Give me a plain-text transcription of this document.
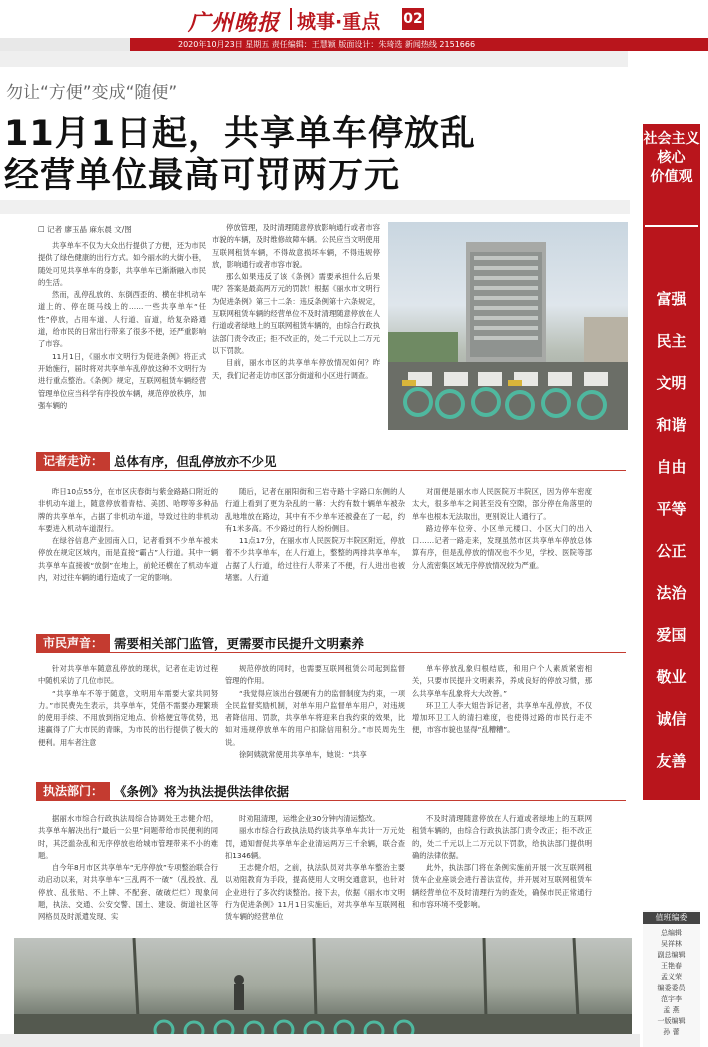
广州晚报 城事·重点 02
2020年10月23日 星期五 责任编辑：王慧颖 版面设计：朱琦选 新闻热线 2151666
勿让“方便”变成“随便”
11月1日起，共享单车停放乱
经营单位最高可罚两万元
☐ 记者 廖玉晶 麻东晨 文/图

共享单车不仅为大众出行提供了方便，还为市民提供了绿色健康的出行方式。如今丽水的大街小巷，随处可见共享单车的身影，共享单车已渐渐融入市民的生活。

然而，乱停乱放的、东倒西歪的、横在非机动车道上的、停在斑马线上的……一些共享单车“任性”停放，占用车道、人行道、盲道，给复杂路通道，给市民的日常出行带来了很多不便，还严重影响了市容。

11月1日，《丽水市文明行为促进条例》将正式开始施行，届时将对共享单车乱停放这种不文明行为进行重点整治。《条例》规定，互联网租赁车辆经营管理单位应当科学有序投放车辆，规范停放秩序，加强车辆的

停放管理，及时清理随意停放影响通行或者市容市貌的车辆，及时维修故障车辆。公民应当文明使用互联网租赁车辆，不得故意损坏车辆，不得违规停放，影响通行或者市容市貌。

那么如果违反了该《条例》需要承担什么后果呢？答案是最高两万元的罚款！根据《丽水市文明行为促进条例》第三十二条：违反条例第十六条规定，互联网租赁车辆的经营单位不及时清理随意停放在人行道或者绿地上的互联网租赁车辆的，由综合行政执法部门责令改正；拒不改正的，处二千元以上二万元以下罚款。

目前，丽水市区的共享单车停放情况如何？昨天，我们记者走访市区部分街道和小区进行调查。

记者走访： 总体有序，但乱停放亦不少见

昨日10点55分，在市区庆春街与紫金路路口附近的非机动车道上，随意停放着青桔、美团、哈啰等多种品牌的共享单车，占据了非机动车道，导致过往的非机动车要进入机动车道混行。

在绿谷信息产业园南入口，记者看到不少单车被未停放在规定区域内，而是直接“霸占”人行道。其中一辆共享单车直接被“放倒”在地上，前轮还横在了机动车道内，对过往车辆的通行造成了一定的影响。

随后，记者在丽阳街和三岩寺路十字路口东侧的人行道上看到了更为杂乱的一幕：大约有数十辆单车被杂乱地堆放在路边，其中有不少单车还被叠在了一起，约有1米多高。不少路过的行人纷纷侧目。

11点17分，在丽水市人民医院万丰院区附近，停放着不少共享单车，在人行道上，整整的两排共享单车，占据了人行道，给过往行人带来了不便，行人进出也被堵塞。人行道

对面便是丽水市人民医院万丰院区，因为停车密度太大，很多单车之间甚至没有空隙，部分停在角落里的单车也根本无法取出，更别说让人通行了。

路边停车位旁、小区单元楼口、小区大门的出入口……记者一路走来，发现虽然市区共享单车停放总体算有序，但是乱停放的情况也不少见，学校、医院等部分人流密集区域无序停放情况较为严重。

市民声音： 需要相关部门监管，更需要市民提升文明素养

针对共享单车随意乱停放的现状，记者在走访过程中随机采访了几位市民。

“共享单车不等于随意，文明用车需要大家共同努力。”市民费先生表示，共享单车，凭借不需要办理繁琐的使用手续、不用放到指定地点、价格便宜等优势，迅速赢得了广大市民的青睐，为市民的出行提供了极大的便利。用车者注意

规范停放的同时，也需要互联网租赁公司起到监督管理的作用。

“我觉得应该出台强硬有力的监督制度为约束，一项全民监督奖励机制，对单车用户监督单车用户，对违规者降信用、罚款，共享单车将迎来自我约束的效果，比如对违规停放单车的用户扣除信用积分。”市民周先生说。

徐阿姨就常使用共享单车，她说：“共享

单车停放乱象归根结底，和用户个人素质紧密相关，只要市民提升文明素养，养成良好的停放习惯，那么共享单车乱象将大大改善。”

环卫工人李大姐告诉记者，共享单车乱停放，不仅增加环卫工人的清扫难度，也使得过路的市民行走不便，市容市貌也显得“乱糟糟”。

执法部门： 《条例》将为执法提供法律依据

据丽水市综合行政执法局综合协调处王志健介绍，共享单车解决出行“最后一公里”问题带给市民便利的同时，其泛滥杂乱和无序停放也给城市管理带来不小的难题。

自今年8月市区共享单车“无序停放”专项整治联合行动启动以来，对共享单车“三乱两不一破”（乱投放、乱停放、乱张贴、不上牌、不配套、破破烂烂）现象问题，执法、交通、公安交警、国土、建设、街道社区等网格员及时派遣发现、实

时劝阻清理，运维企业30分钟内清运整改。

丽水市综合行政执法局约谈共享单车共计一万元处罚，通知督促共享单车企业清运两万三千余辆，联合查扣1346辆。

王志健介绍，之前，执法队员对共享单车整治主要以劝阻教育为手段，提高使用人文明交通意识，也针对企业进行了多次约谈整治。接下去，依据《丽水市文明行为促进条例》11月1日实施后，对共享单车互联网租赁车辆的经营单位

不及时清理随意停放在人行道或者绿地上的互联网租赁车辆的，由综合行政执法部门责令改正；拒不改正的，处二千元以上二万元以下罚款，给执法部门提供明确的法律依据。

此外，执法部门将在条例实施前开展一次互联网租赁车企业座谈会进行普法宣传，并开展对互联网租赁车辆经营单位不及时清理行为的查处，确保市民正常通行和市容环境不受影响。

社会主义
核心
价值观
富强
民主
文明
和谐
自由
平等
公正
法治
爱国
敬业
诚信
友善
值班编委
总编辑
吴祥林
副总编辑
王艳春
孟义荣
编委委员
范宇李
孟 燕
一版编辑
孙 蕾
